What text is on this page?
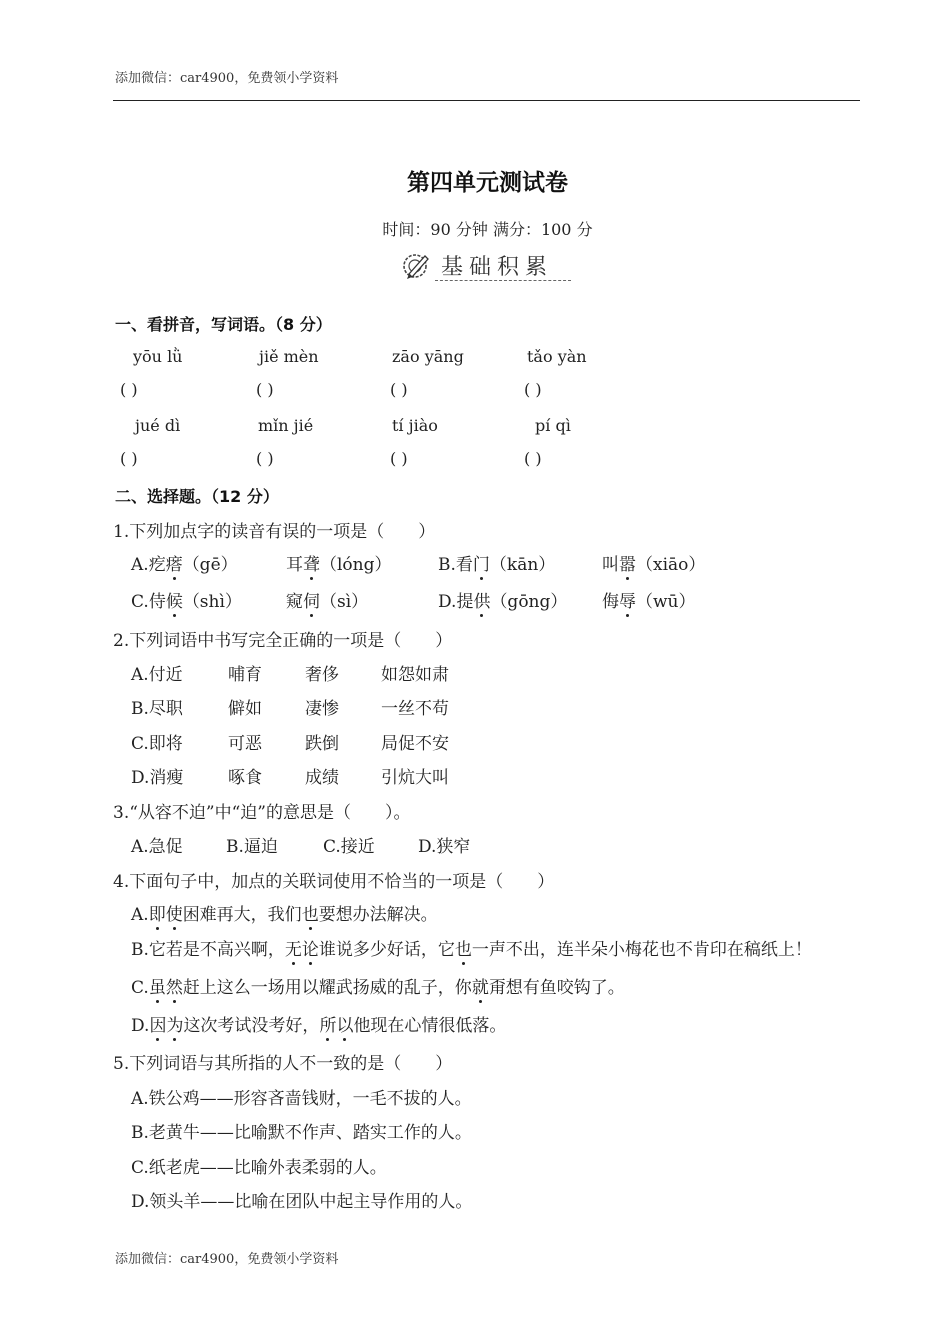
添加微信：car4900，免费领小学资料
第四单元测试卷
时间：90 分钟 满分：100 分
基础积累
一、看拼音，写词语。（8 分）
yōu lǜ	jiě mèn	zāo yāng	tǎo yàn
( )	( )	( )	( )
jué dì	mǐn jié	tí jiào	pí qì
( )	( )	( )	( )
二、选择题。（12 分）
1.下列加点字的读音有误的一项是（　　）
A.疙瘩（gē）	耳聋（lóng）	B.看门（kān）	叫嚣（xiāo）
C.侍候（shì）	窥伺（sì）	D.提供（gōng） 侮辱（wū）
2.下列词语中书写完全正确的一项是（　　）
A.付近	哺育	奢侈 如怨如肃
B.尽职	僻如	凄惨 一丝不苟
C.即将	可恶	跌倒 局促不安
D.消瘦	啄食	成绩 引炕大叫
3.“从容不迫”中“迫”的意思是（　　）。
A.急促	B.逼迫	C.接近	D.狭窄
4.下面句子中，加点的关联词使用不恰当的一项是（　　）
A.即使困难再大，我们也要想办法解决。
B.它若是不高兴啊，无论谁说多少好话，它也一声不出，连半朵小梅花也不肯印在稿纸上！
C.虽然赶上这么一场用以耀武扬威的乱子，你就甭想有鱼咬钩了。
D.因为这次考试没考好，所以他现在心情很低落。
5.下列词语与其所指的人不一致的是（　　）
A.铁公鸡——形容吝啬钱财，一毛不拔的人。
B.老黄牛——比喻默不作声、踏实工作的人。
C.纸老虎——比喻外表柔弱的人。
D.领头羊——比喻在团队中起主导作用的人。
添加微信：car4900，免费领小学资料
